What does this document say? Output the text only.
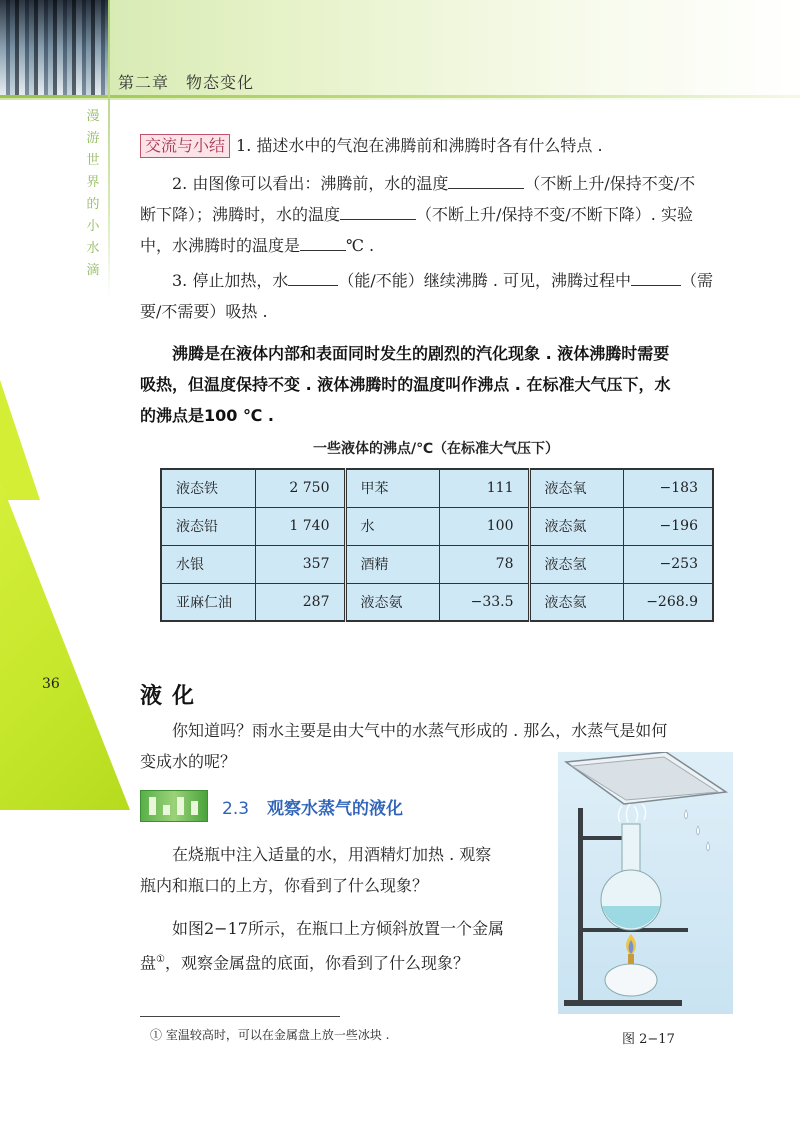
第二章　物态变化
漫游世界的小水滴
36
交流与小结 1. 描述水中的气泡在沸腾前和沸腾时各有什么特点 .
2. 由图像可以看出：沸腾前，水的温度	（不断上升/保持不变/不
断下降）；沸腾时，水的温度	（不断上升/保持不变/不断下降）. 实验
中，水沸腾时的温度是	℃ .
3. 停止加热，水	（能/不能）继续沸腾 . 可见，沸腾过程中	（需
要/不需要）吸热 .
沸腾是在液体内部和表面同时发生的剧烈的汽化现象 . 液体沸腾时需要
吸热，但温度保持不变 . 液体沸腾时的温度叫作沸点 . 在标准大气压下，水
的沸点是100 ℃ .
一些液体的沸点/℃（在标准大气压下）
液态铁	2 750	甲苯	111	液态氧	−183
液态铅	1 740	水	100	液态氮	−196
水银	357	酒精	78	液态氢	−253
亚麻仁油	287	液态氨	−33.5	液态氦	−268.9
液化
你知道吗？雨水主要是由大气中的水蒸气形成的 . 那么，水蒸气是如何
变成水的呢？
2.3 观察水蒸气的液化
在烧瓶中注入适量的水，用酒精灯加热 . 观察
瓶内和瓶口的上方，你看到了什么现象？
如图2−17所示，在瓶口上方倾斜放置一个金属
盘①，观察金属盘的底面，你看到了什么现象？
图 2−17
① 室温较高时，可以在金属盘上放一些冰块 .
